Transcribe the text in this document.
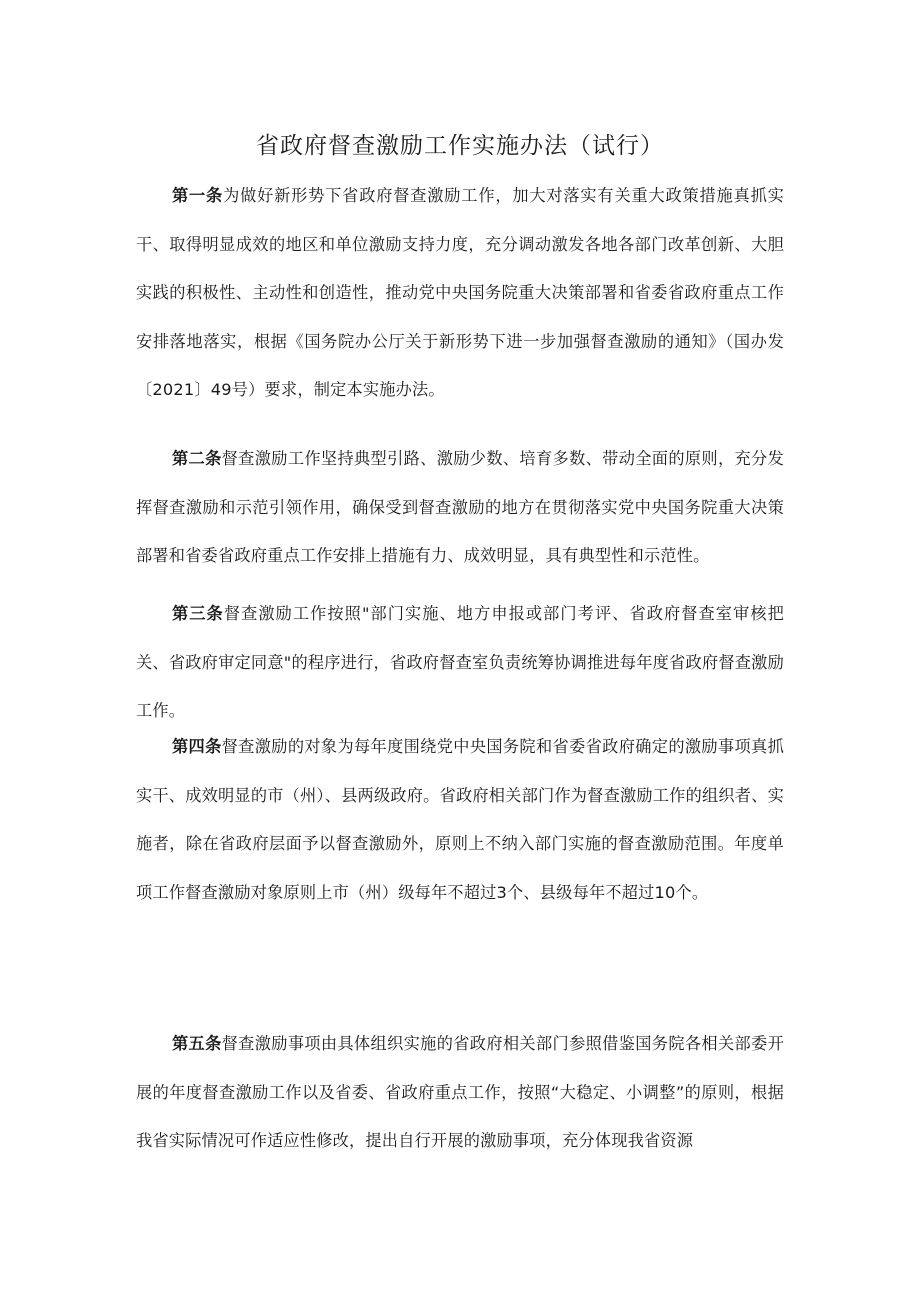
省政府督查激励工作实施办法（试行）

第一条为做好新形势下省政府督查激励工作，加大对落实有关重大政策措施真抓实干、取得明显成效的地区和单位激励支持力度，充分调动激发各地各部门改革创新、大胆实践的积极性、主动性和创造性，推动党中央国务院重大决策部署和省委省政府重点工作安排落地落实，根据《国务院办公厅关于新形势下进一步加强督查激励的通知》（国办发〔2021〕49号）要求，制定本实施办法。

第二条督查激励工作坚持典型引路、激励少数、培育多数、带动全面的原则，充分发挥督查激励和示范引领作用，确保受到督查激励的地方在贯彻落实党中央国务院重大决策部署和省委省政府重点工作安排上措施有力、成效明显，具有典型性和示范性。

第三条督查激励工作按照"部门实施、地方申报或部门考评、省政府督查室审核把关、省政府审定同意"的程序进行，省政府督查室负责统筹协调推进每年度省政府督查激励工作。

第四条督查激励的对象为每年度围绕党中央国务院和省委省政府确定的激励事项真抓实干、成效明显的市（州）、县两级政府。省政府相关部门作为督查激励工作的组织者、实施者，除在省政府层面予以督查激励外，原则上不纳入部门实施的督查激励范围。年度单项工作督查激励对象原则上市（州）级每年不超过3个、县级每年不超过10个。

第五条督查激励事项由具体组织实施的省政府相关部门参照借鉴国务院各相关部委开展的年度督查激励工作以及省委、省政府重点工作，按照“大稳定、小调整”的原则，根据我省实际情况可作适应性修改，提出自行开展的激励事项，充分体现我省资源
